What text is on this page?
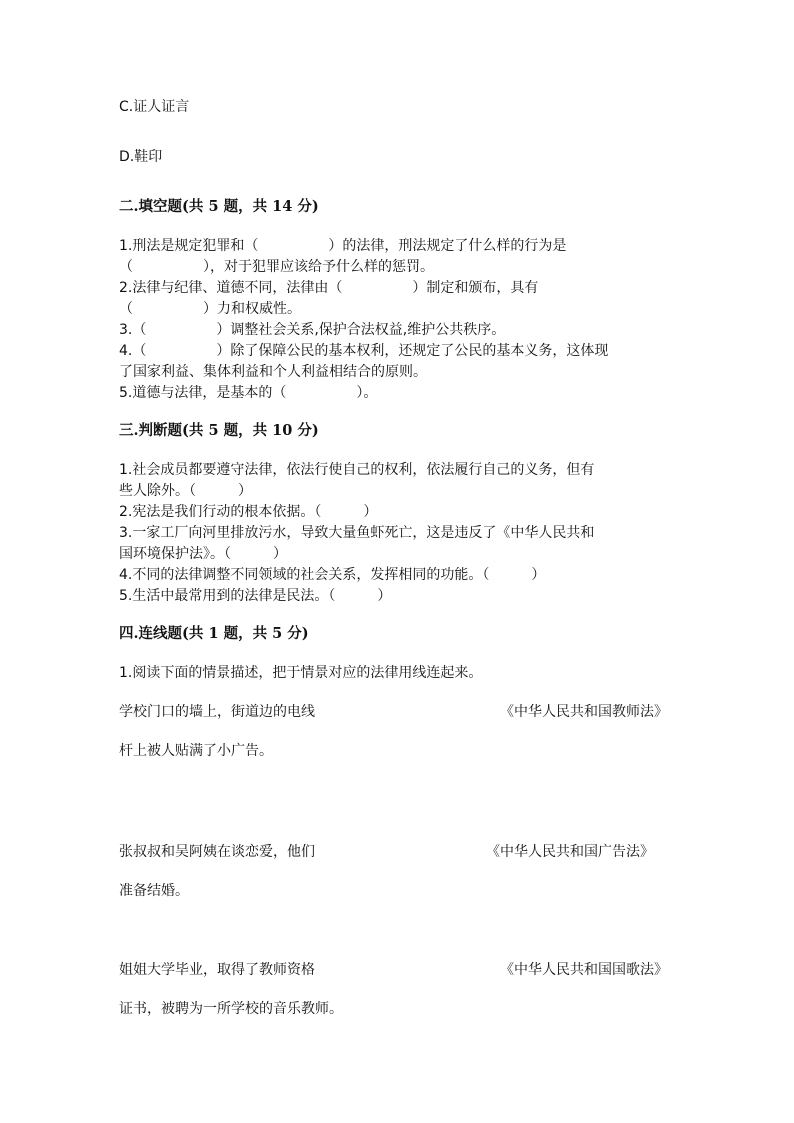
C.证人证言
D.鞋印
二.填空题(共 5 题，共 14 分)
1.刑法是规定犯罪和（　　　　　）的法律，刑法规定了什么样的行为是
（　　　　　），对于犯罪应该给予什么样的惩罚。
2.法律与纪律、道德不同，法律由（　　　　　）制定和颁布，具有
（　　　　　）力和权威性。
3.（　　　　　）调整社会关系,保护合法权益,维护公共秩序。
4.（　　　　　）除了保障公民的基本权利，还规定了公民的基本义务，这体现
了国家利益、集体利益和个人利益相结合的原则。
5.道德与法律，是基本的（　　　　　）。
三.判断题(共 5 题，共 10 分)
1.社会成员都要遵守法律，依法行使自己的权利，依法履行自己的义务，但有
些人除外。（　　　）
2.宪法是我们行动的根本依据。（　　　）
3.一家工厂向河里排放污水，导致大量鱼虾死亡，这是违反了《中华人民共和
国环境保护法》。（　　　）
4.不同的法律调整不同领域的社会关系，发挥相同的功能。（　　　）
5.生活中最常用到的法律是民法。（　　　）
四.连线题(共 1 题，共 5 分)
1.阅读下面的情景描述，把于情景对应的法律用线连起来。
学校门口的墙上，街道边的电线	《中华人民共和国教师法》
杆上被人贴满了小广告。
张叔叔和吴阿姨在谈恋爱，他们	《中华人民共和国广告法》
准备结婚。
姐姐大学毕业，取得了教师资格	《中华人民共和国国歌法》
证书，被聘为一所学校的音乐教师。
